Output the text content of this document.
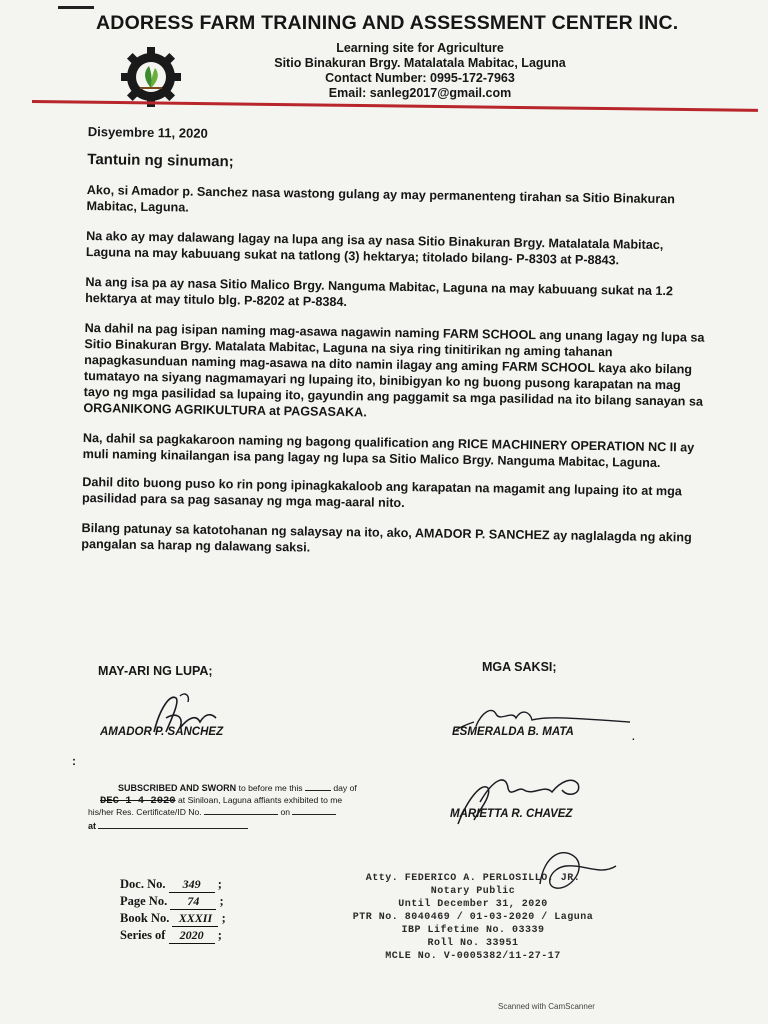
ADORESS FARM TRAINING AND ASSESSMENT CENTER INC.
Learning site for Agriculture
Sitio Binakuran Brgy. Matalatala Mabitac, Laguna
Contact Number: 0995-172-7963
Email: sanleg2017@gmail.com
Disyembre 11, 2020
Tantuin ng sinuman;

Ako, si Amador p. Sanchez nasa wastong gulang ay may permanenteng tirahan sa Sitio Binakuran Mabitac, Laguna.

Na ako ay may dalawang lagay na lupa ang isa ay nasa Sitio Binakuran Brgy. Matalatala Mabitac, Laguna na may kabuuang sukat na tatlong (3) hektarya; titolado bilang- P-8303 at P-8843.

Na ang isa pa ay nasa Sitio Malico Brgy. Nanguma Mabitac, Laguna na may kabuuang sukat na 1.2 hektarya at may titulo blg. P-8202 at P-8384.

Na dahil na pag isipan naming mag-asawa nagawin naming FARM SCHOOL ang unang lagay ng lupa sa Sitio Binakuran Brgy. Matalata Mabitac, Laguna na siya ring tinitirikan ng aming tahanan napagkasunduan naming mag-asawa na dito namin ilagay ang aming FARM SCHOOL kaya ako bilang tumatayo na siyang nagmamayari ng lupaing ito, binibigyan ko ng buong pusong karapatan na mag tayo ng mga pasilidad sa lupaing ito, gayundin ang paggamit sa mga pasilidad na ito bilang sanayan sa ORGANIKONG AGRIKULTURA at PAGSASAKA.

Na, dahil sa pagkakaroon naming ng bagong qualification ang RICE MACHINERY OPERATION NC II ay muli naming kinailangan isa pang lagay ng lupa sa Sitio Malico Brgy. Nanguma Mabitac, Laguna.

Dahil dito buong puso ko rin pong ipinagkakaloob ang karapatan na magamit ang lupaing ito at mga pasilidad para sa pag sasanay ng mga mag-aaral nito.

Bilang patunay sa katotohanan ng salaysay na ito, ako, AMADOR P. SANCHEZ ay naglalagda ng aking pangalan sa harap ng dalawang saksi.

MAY-ARI NG LUPA;	MGA SAKSI;
AMADOR P. SANCHEZ	ESMERALDA B. MATA	.
:
SUBSCRIBED AND SWORN to before me this	day of
DEC 1 4 2020 at Siniloan, Laguna affiants exhibited to me
his/her Res. Certificate/ID No.	on
at
MARIETTA R. CHAVEZ
Doc. No. 349 ;
Page No. 74 ;
Book No. XXXII ;
Series of 2020 ;
Atty. FEDERICO A. PERLOSILLO, JR.
Notary Public
Until December 31, 2020
PTR No. 8040469 / 01-03-2020 / Laguna
IBP Lifetime No. 03339
Roll No. 33951
MCLE No. V-0005382/11-27-17
Scanned with CamScanner
